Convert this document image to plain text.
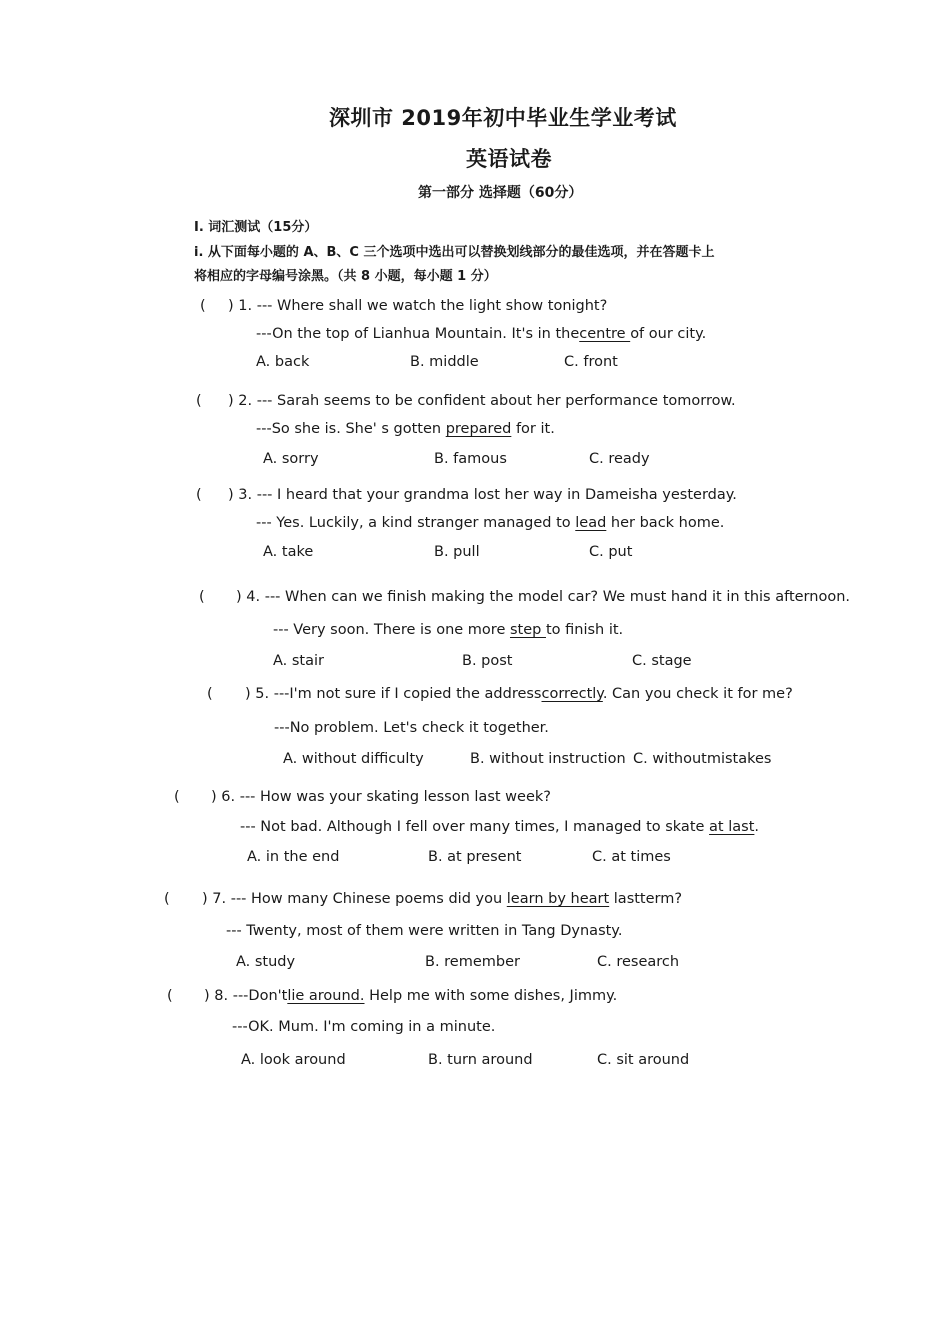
深圳市 2019年初中毕业生学业考试
英语试卷
第一部分 选择题（60分）
I. 词汇测试（15分）
i. 从下面每小题的 A、B、C 三个选项中选出可以替换划线部分的最佳选项，并在答题卡上
将相应的字母编号涂黑。（共 8 小题，每小题 1 分）
( ) 1. --- Where shall we watch the light show tonight?
---On the top of Lianhua Mountain. It's in thecentre of our city.
A. back	B. middle	C. front
( ) 2. --- Sarah seems to be confident about her performance tomorrow.
---So she is. She' s gotten prepared for it.
A. sorry	B. famous	C. ready
( ) 3. --- I heard that your grandma lost her way in Dameisha yesterday.
--- Yes. Luckily, a kind stranger managed to lead her back home.
A. take	B. pull	C. put
( ) 4. --- When can we finish making the model car? We must hand it in this afternoon.
--- Very soon. There is one more step to finish it.
A. stair	B. post	C. stage
( ) 5. ---I'm not sure if I copied the addresscorrectly. Can you check it for me?
---No problem. Let's check it together.
A. without difficulty	B. without instruction C. withoutmistakes
( ) 6. --- How was your skating lesson last week?
--- Not bad. Although I fell over many times, I managed to skate at last.
A. in the end	B. at present	C. at times
( ) 7. --- How many Chinese poems did you learn by heart lastterm?
--- Twenty, most of them were written in Tang Dynasty.
A. study	B. remember	C. research
( ) 8. ---Don'tlie around. Help me with some dishes, Jimmy.
---OK. Mum. I'm coming in a minute.
A. look around	B. turn around	C. sit around
